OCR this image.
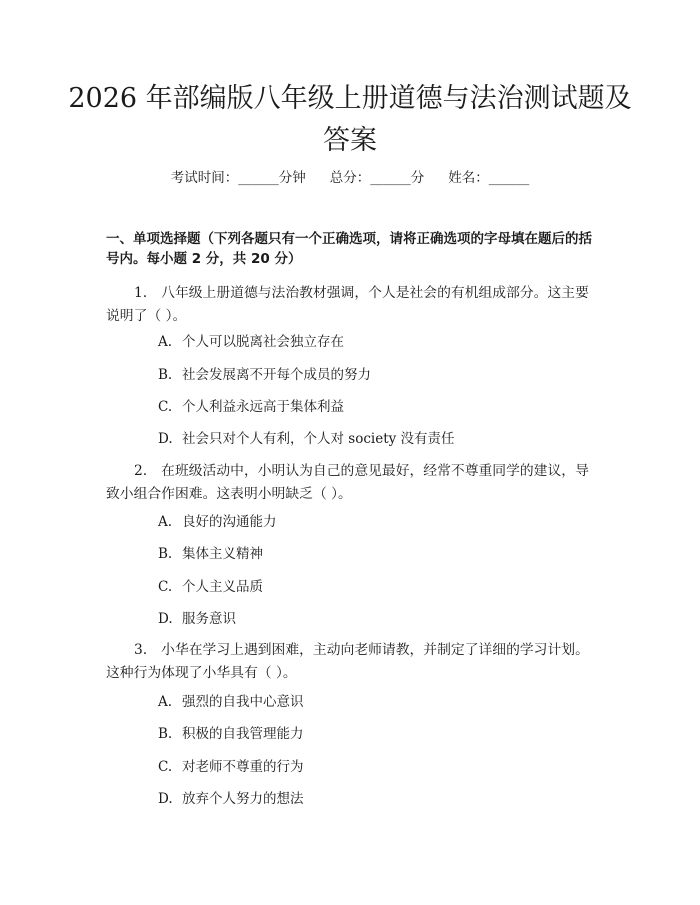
2026 年部编版八年级上册道德与法治测试题及答案
考试时间：______分钟 总分：______分 姓名：______

一、单项选择题（下列各题只有一个正确选项，请将正确选项的字母填在题后的括号内。每小题 2 分，共 20 分）

1. 八年级上册道德与法治教材强调，个人是社会的有机组成部分。这主要说明了（ ）。

A. 个人可以脱离社会独立存在
B. 社会发展离不开每个成员的努力
C. 个人利益永远高于集体利益
D. 社会只对个人有利，个人对 society 没有责任

2. 在班级活动中，小明认为自己的意见最好，经常不尊重同学的建议，导致小组合作困难。这表明小明缺乏（ ）。

A. 良好的沟通能力
B. 集体主义精神
C. 个人主义品质
D. 服务意识

3. 小华在学习上遇到困难，主动向老师请教，并制定了详细的学习计划。这种行为体现了小华具有（ ）。

A. 强烈的自我中心意识
B. 积极的自我管理能力
C. 对老师不尊重的行为
D. 放弃个人努力的想法
